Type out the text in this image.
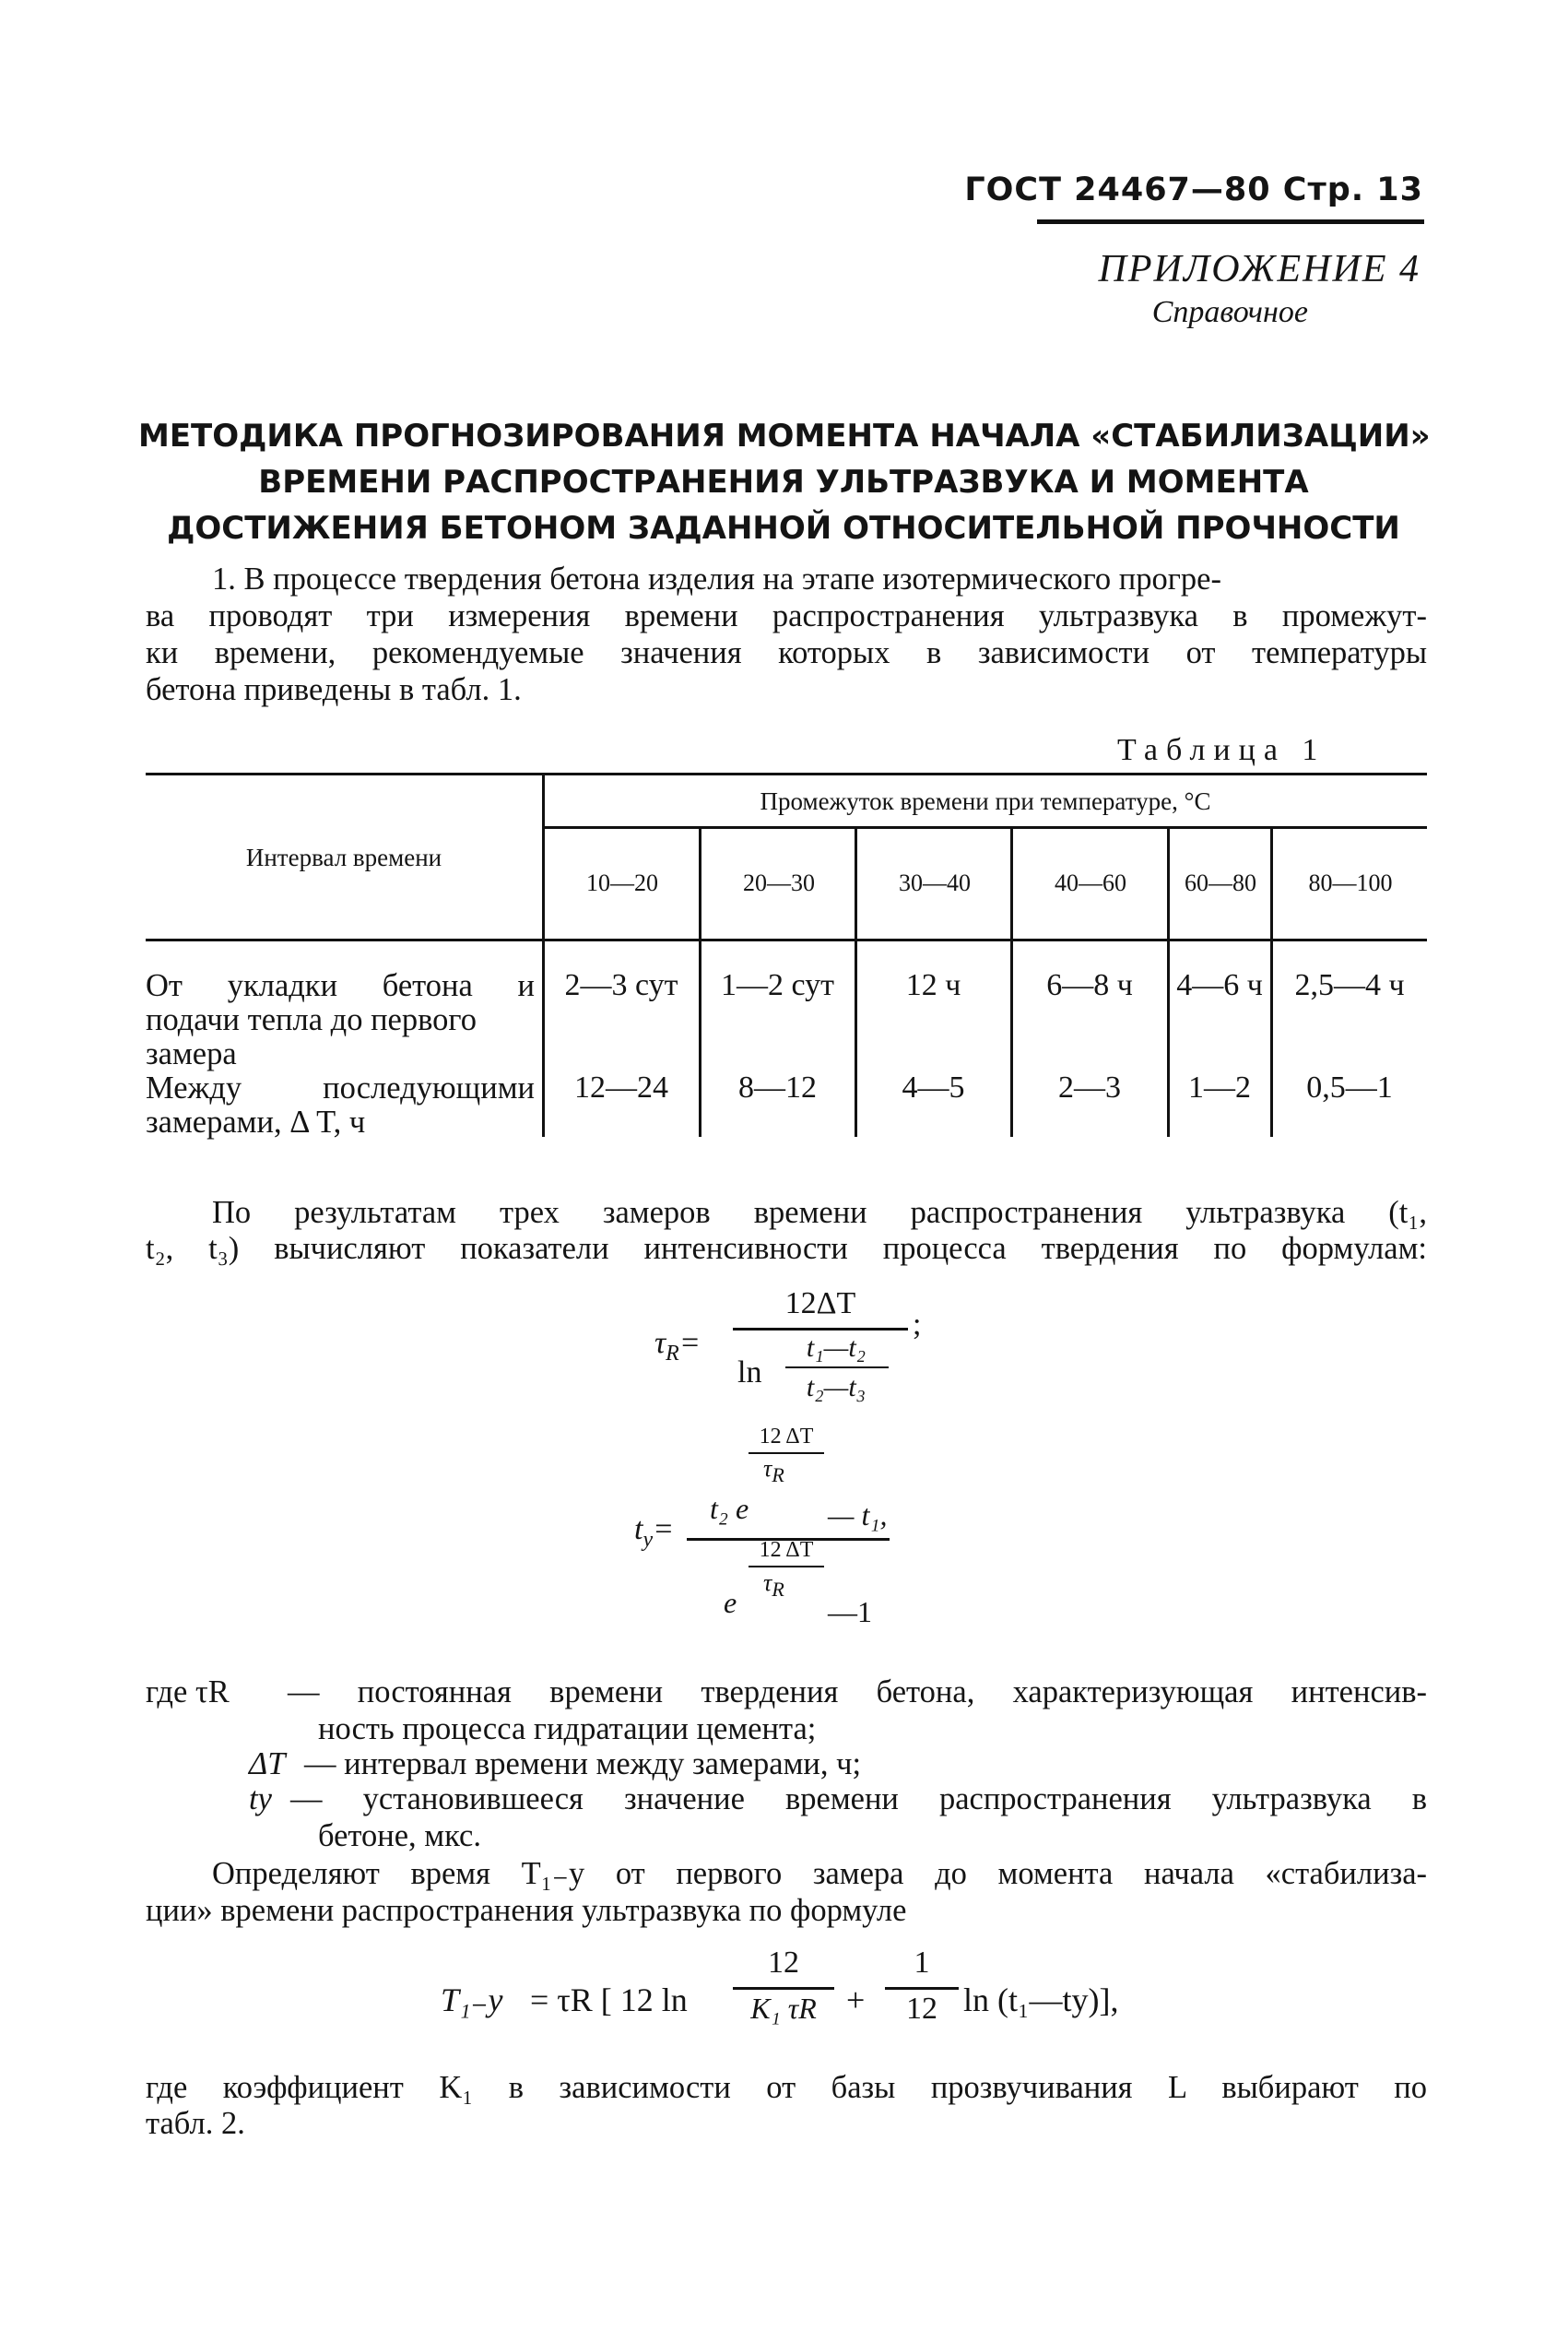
ГОСТ 24467—80 Стр. 13
ПРИЛОЖЕНИЕ 4
Справочное
МЕТОДИКА ПРОГНОЗИРОВАНИЯ МОМЕНТА НАЧАЛА «СТАБИЛИЗАЦИИ»
ВРЕМЕНИ РАСПРОСТРАНЕНИЯ УЛЬТРАЗВУКА И МОМЕНТА
ДОСТИЖЕНИЯ БЕТОНОМ ЗАДАННОЙ ОТНОСИТЕЛЬНОЙ ПРОЧНОСТИ
1. В процессе твердения бетона изделия на этапе изотермического прогре-
ва проводят три измерения времени распространения ультразвука в промежут-
ки времени, рекомендуемые значения которых в зависимости от температуры
бетона приведены в табл. 1.
Таблица 1
Интервал времени
Промежуток времени при температуре, °С
10—20	20—30	30—40	40—60	60—80	80—100
От укладки бетона и
подачи тепла до первого
замера
2—3 сут	1—2 сут	12 ч	6—8 ч	4—6 ч	2,5—4 ч
Между последующими
замерами, Δ T, ч
12—24	8—12	4—5	2—3	1—2	0,5—1
По результатам трех замеров времени распространения ультразвука (t₁,
t₂, t₃) вычисляют показатели интенсивности процесса твердения по формулам:
$\tau_R=$
12ΔT
ln
t₁—t₂
t₂—t₃
;
12 ΔT
$\tau_R$
$t_у=$
t₂ e	— t₁,
12 ΔT
$\tau_R$
e	—1
где τR — постоянная времени твердения бетона, характеризующая интенсив-
ность процесса гидратации цемента;
ΔT — интервал времени между замерами, ч;
ty — установившееся значение времени распространения ультразвука в
бетоне, мкс.
Определяют время T₁₋у от первого замера до момента начала «стабилиза-
ции» времени распространения ультразвука по формуле
T₁₋у = τR [ 12 ln
12
K₁ τR +
1
12 ln (t₁—tу)],
где коэффициент K₁ в зависимости от базы прозвучивания L выбирают по
табл. 2.
